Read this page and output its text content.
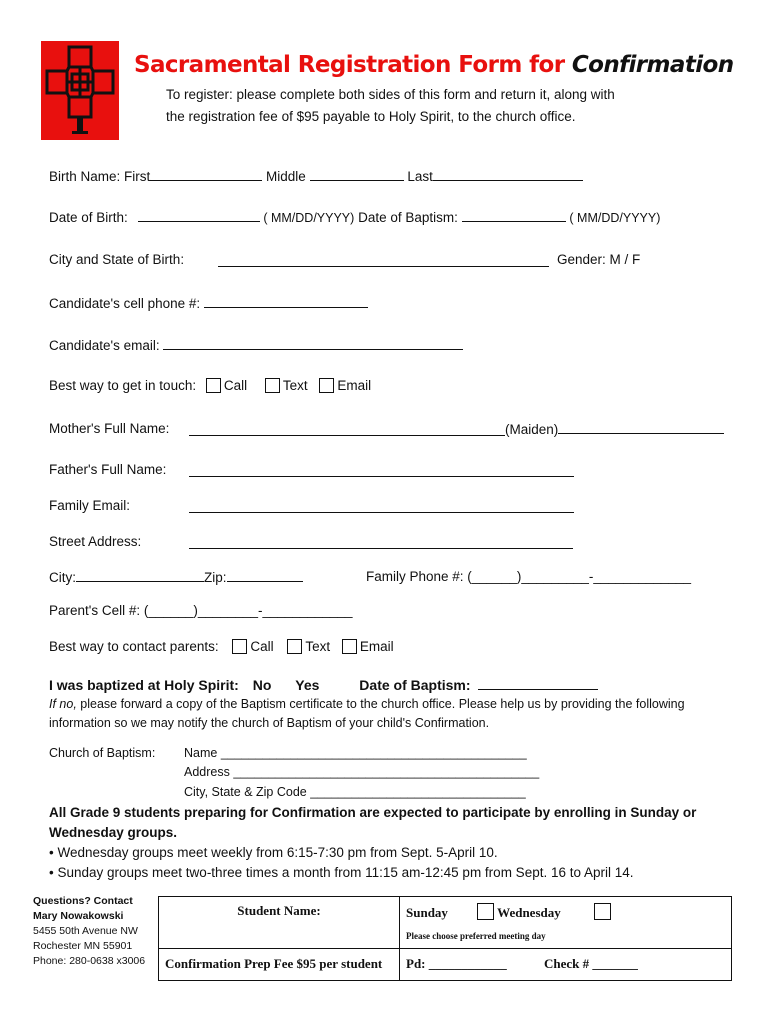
Sacramental Registration Form for Confirmation
To register: please complete both sides of this form and return it, along with
the registration fee of $95 payable to Holy Spirit, to the church office.
Birth Name: First	Middle	Last
Date of Birth:	( MM/DD/YYYY) Date of Baptism:	( MM/DD/YYYY)
City and State of Birth:	Gender: M / F
Candidate's cell phone #:
Candidate's email:
Best way to get in touch: Call	Text Email
Mother's Full Name:	(Maiden)
Father's Full Name:
Family Email:
Street Address:
City:	Zip:	Family Phone #: (______)_________-_____________
Parent's Cell #: (______)________-____________
Best way to contact parents: Call Text Email
I was baptized at Holy Spirit: No Yes	Date of Baptism:
If no, please forward a copy of the Baptism certificate to the church office. Please help us by providing the following
information so we may notify the church of Baptism of your child's Confirmation.
Church of Baptism: Name ____________________________________________
Address ____________________________________________
City, State & Zip Code _______________________________
All Grade 9 students preparing for Confirmation are expected to participate by enrolling in Sunday or
Wednesday groups.
• Wednesday groups meet weekly from 6:15-7:30 pm from Sept. 5-April 10.
• Sunday groups meet two-three times a month from 11:15 am-12:45 pm from Sept. 16 to April 14.
Questions? Contact
Mary Nowakowski
5455 50th Avenue NW
Rochester MN 55901
Phone: 280-0638 x3006
Student Name:	Sunday Wednesday
Please choose preferred meeting day

Confirmation Prep Fee $95 per student	Pd: ____________ Check # _______
